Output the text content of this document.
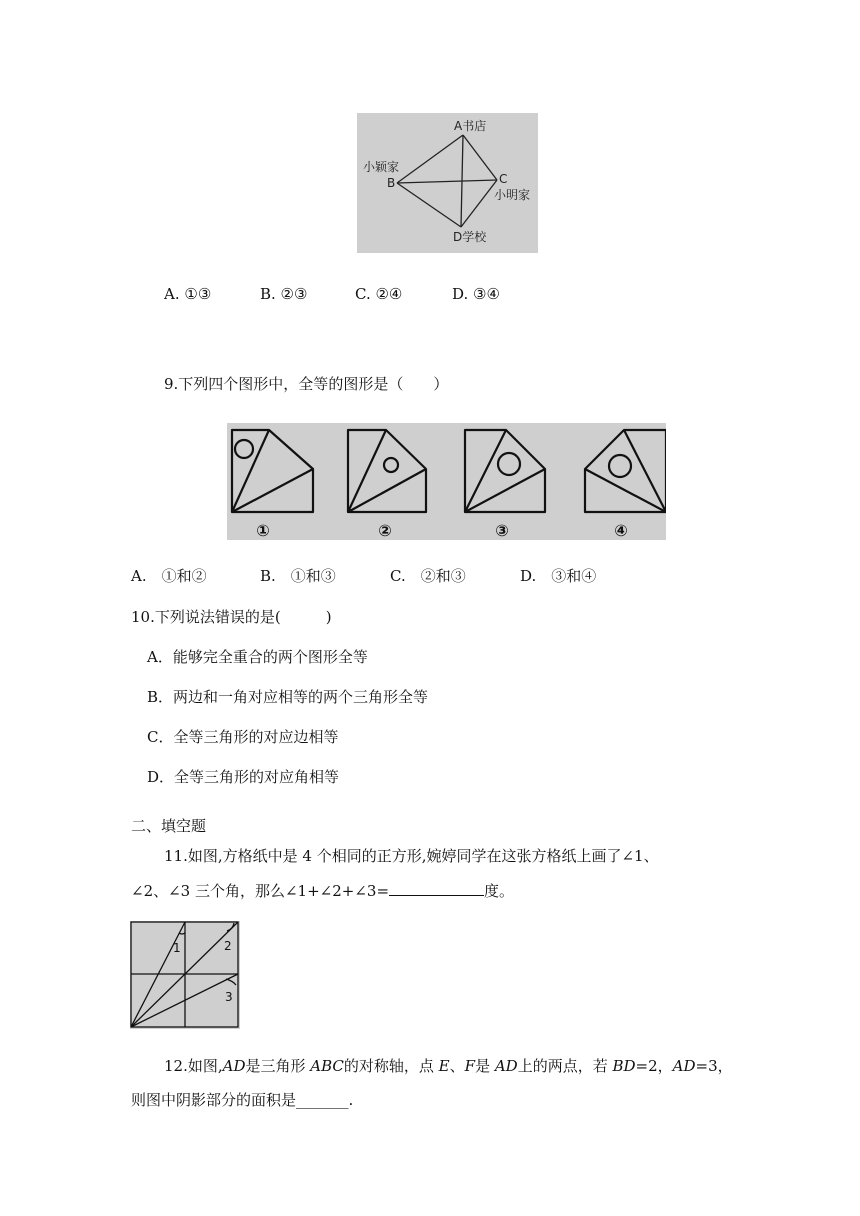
A书店
小颖家
B	C
小明家
D学校
A. ①③	B. ②③	C. ②④	D. ③④
9.下列四个图形中，全等的图形是（　　）
①	②	③	④
A.　①和②	B.　①和③	C.　②和③	D.　③和④
10.下列说法错误的是(　　　)
A．能够完全重合的两个图形全等
B．两边和一角对应相等的两个三角形全等
C．全等三角形的对应边相等
D．全等三角形的对应角相等
二、填空题
11.如图,方格纸中是 4 个相同的正方形,婉婷同学在这张方格纸上画了∠1、
∠2、∠3 三个角，那么∠1+∠2+∠3=	度。
1	2
3
12.如图,AD是三角形 ABC的对称轴，点 E、F是 AD上的两点，若 BD=2，AD=3，
则图中阴影部分的面积是_______.
